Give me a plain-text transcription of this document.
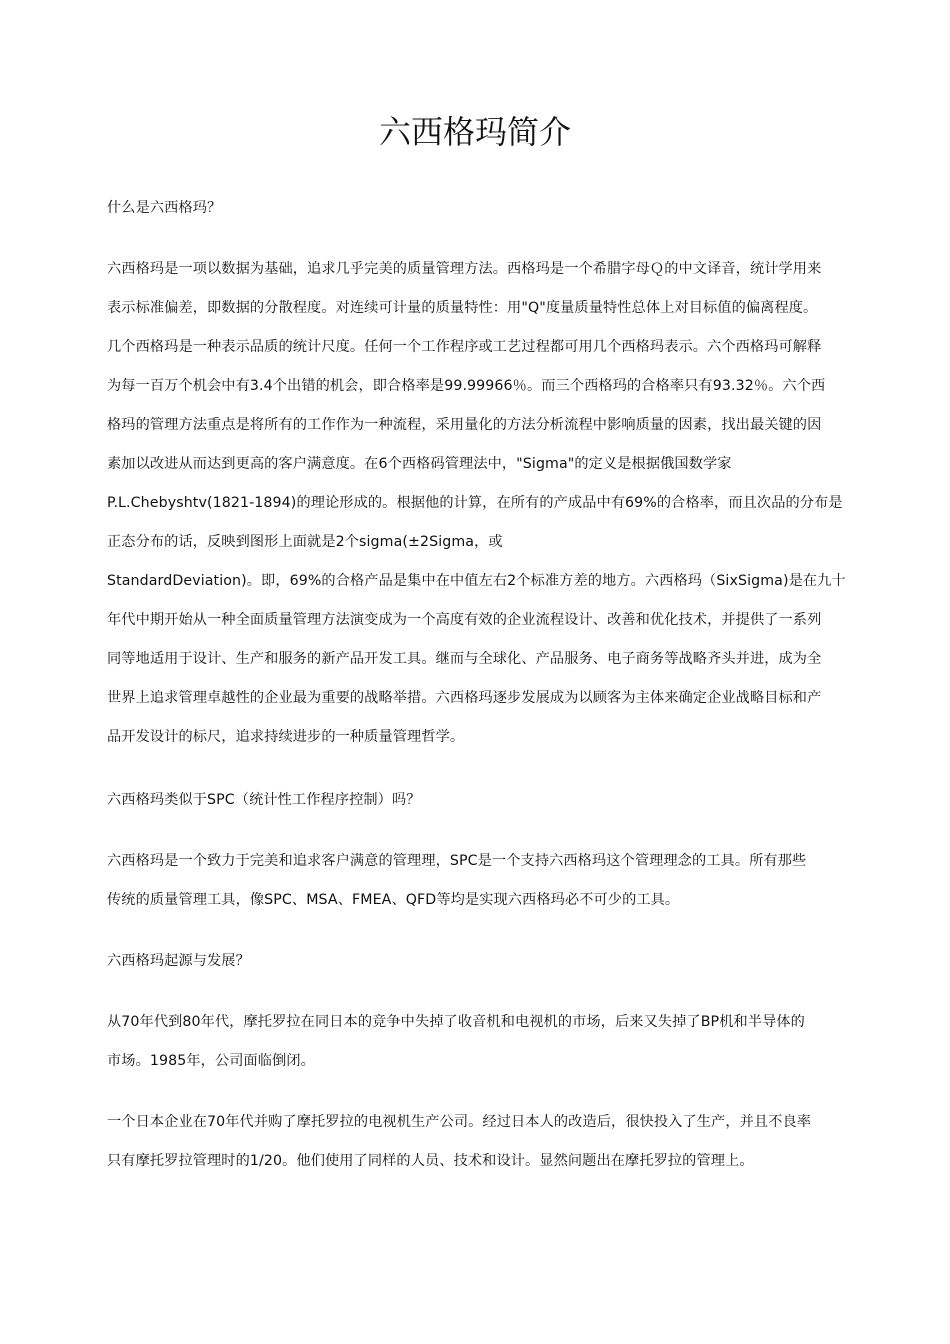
六西格玛简介
什么是六西格玛？
六西格玛是一项以数据为基础，追求几乎完美的质量管理方法。西格玛是一个希腊字母Ｑ的中文译音，统计学用来
表示标准偏差，即数据的分散程度。对连续可计量的质量特性：用"Q"度量质量特性总体上对目标值的偏离程度。
几个西格玛是一种表示品质的统计尺度。任何一个工作程序或工艺过程都可用几个西格玛表示。六个西格玛可解释
为每一百万个机会中有3.4个出错的机会，即合格率是99.99966％。而三个西格玛的合格率只有93.32％。六个西
格玛的管理方法重点是将所有的工作作为一种流程，采用量化的方法分析流程中影响质量的因素，找出最关键的因
素加以改进从而达到更高的客户满意度。在6个西格码管理法中，"Sigma"的定义是根据俄国数学家
P.L.Chebyshtv(1821-1894)的理论形成的。根据他的计算，在所有的产成品中有69%的合格率，而且次品的分布是
正态分布的话，反映到图形上面就是2个sigma(±2Sigma，或
StandardDeviation)。即，69%的合格产品是集中在中值左右2个标准方差的地方。六西格玛（SixSigma)是在九十
年代中期开始从一种全面质量管理方法演变成为一个高度有效的企业流程设计、改善和优化技术，并提供了一系列
同等地适用于设计、生产和服务的新产品开发工具。继而与全球化、产品服务、电子商务等战略齐头并进，成为全
世界上追求管理卓越性的企业最为重要的战略举措。六西格玛逐步发展成为以顾客为主体来确定企业战略目标和产
品开发设计的标尺，追求持续进步的一种质量管理哲学。
六西格玛类似于SPC（统计性工作程序控制）吗？
六西格玛是一个致力于完美和追求客户满意的管理理，SPC是一个支持六西格玛这个管理理念的工具。所有那些
传统的质量管理工具，像SPC、MSA、FMEA、QFD等均是实现六西格玛必不可少的工具。
六西格玛起源与发展？
从70年代到80年代，摩托罗拉在同日本的竞争中失掉了收音机和电视机的市场，后来又失掉了BP机和半导体的
市场。1985年，公司面临倒闭。
一个日本企业在70年代并购了摩托罗拉的电视机生产公司。经过日本人的改造后，很快投入了生产，并且不良率
只有摩托罗拉管理时的1/20。他们使用了同样的人员、技术和设计。显然问题出在摩托罗拉的管理上。
